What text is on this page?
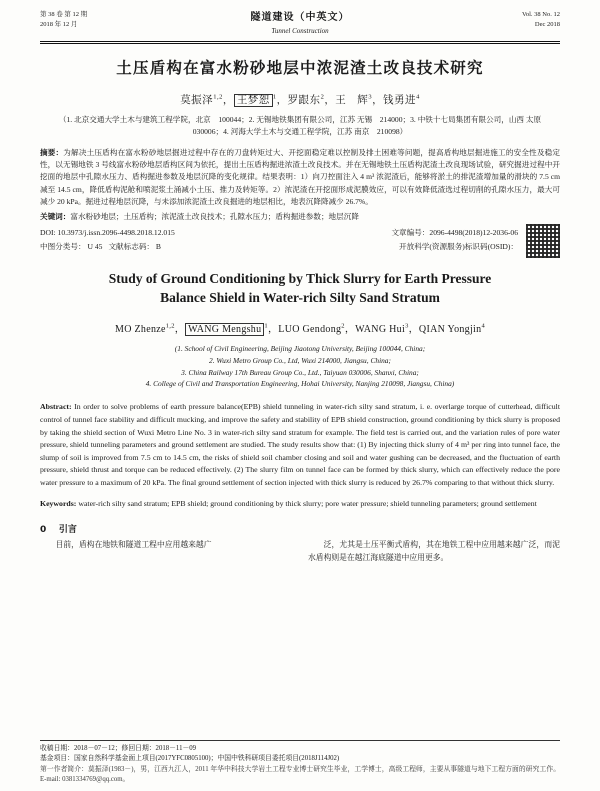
第 38 卷 第 12 期
2018 年 12 月
隧道建设（中英文）
Tunnel Construction
Vol. 38 No. 12
Dec 2018
土压盾构在富水粉砂地层中浓泥渣土改良技术研究
莫振泽$^{1,2}$， 王梦恕 $^1$，罗跟东$^2$，王　辉$^3$，钱勇进$^4$
（1. 北京交通大学土木与建筑工程学院，北京　100044；2. 无锡地铁集团有限公司，江苏 无锡　214000；3. 中铁十七局集团有限公司，山西 太原　030006；4. 河海大学土木与交通工程学院，江苏 南京　210098）
摘要：为解决土压盾构在富水粉砂地层掘进过程中存在的刀盘转矩过大、开挖面稳定难以控制及排土困难等问题，提高盾构地层掘进施工的安全性及稳定性，以无锡地铁 3 号线富水粉砂地层盾构区间为依托，提出土压盾构掘进浓渣土改良技术。并在无锡地铁土压盾构泥渣土改良现场试验，研究掘进过程中开挖面的地层中孔隙水压力、盾构掘进参数及地层沉降的变化规律。结果表明：1）向刀控面注入 4 m³ 浓泥渣后，能够将淤土的排泥渣增加量的滑块的 7.5 cm 减至 14.5 cm，降低盾构泥舱和喷泥浆土涌减小土压、推力及转矩等。2）浓泥渣在开挖面形成泥膜效应，可以有效降低渣选过程切削的孔隙水压力，最大可减少 20 kPa。掘进过程地层沉降，与未添加浓泥渣土改良掘进的地层相比，地表沉降降减少 26.7%。
关键词：富水粉砂地层；土压盾构；浓泥渣土改良技术；孔隙水压力；盾构掘进参数；地层沉降
DOI: 10.3973/j.issn.2096-4498.2018.12.015	文章编号：2096-4498(2018)12-2036-06
中图分类号： U 45 文献标志码： B	开放科学(资源服务)标识码(OSID)：
Study of Ground Conditioning by Thick Slurry for Earth Pressure
Balance Shield in Water-rich Silty Sand Stratum
MO Zhenze$^{1,2}$， WANG Mengshu $^1$，LUO Gendong$^2$，WANG Hui$^3$，QIAN Yongjin$^4$
(1. School of Civil Engineering, Beijing Jiaotong University, Beijing 100044, China;
2. Wuxi Metro Group Co., Ltd, Wuxi 214000, Jiangsu, China;
3. China Railway 17th Bureau Group Co., Ltd., Taiyuan 030006, Shanxi, China;
4. College of Civil and Transportation Engineering, Hohai University, Nanjing 210098, Jiangsu, China)
Abstract: In order to solve problems of earth pressure balance(EPB) shield tunneling in water-rich silty sand stratum, i. e. overlarge torque of cutterhead, difficult control of tunnel face stability and difficult mucking, and improve the safety and stability of EPB shield construction, ground conditioning by thick slurry is proposed by taking the shield section of Wuxi Metro Line No. 3 in water-rich silty sand stratum for example. The field test is carried out, and the variation rules of pore water pressure, shield tunneling parameters and ground settlement are studied. The study results show that: (1) By injecting thick slurry of 4 m³ per ring into tunnel face, the slump of soil is improved from 7.5 cm to 14.5 cm, the risks of shield soil chamber closing and soil and water gushing can be decreased, and the fluctuation of earth pressure, shield thrust and torque can be reduced effectively. (2) The slurry film on tunnel face can be formed by thick slurry, which can effectively reduce the pore water pressure to a maximum of 20 kPa. The final ground settlement of section injected with thick slurry is reduced by 26.7% comparing to that without thick slurry.
Keywords: water-rich silty sand stratum; EPB shield; ground conditioning by thick slurry; pore water pressure; shield tunneling parameters; ground settlement
0 引言

目前，盾构在地铁和隧道工程中应用越来越广	泛，尤其是土压平衡式盾构，其在地铁工程中应用越来越广泛，而泥水盾构则是在越江海底隧道中应用更多。

收稿日期：2018－07－12；修回日期：2018－11－09

基金项目：国家自然科学基金面上项目(2017YFC0805100)；中国中铁科研项目委托项目(2018J114J02)

第一作者简介：莫振泽(1983－)，男，江西九江人，2011 年华中科技大学岩土工程专业博士研究生毕业，工学博士，高级工程师，主要从事隧道与地下工程方面的研究工作。E-mail: 0381334769@qq.com。
